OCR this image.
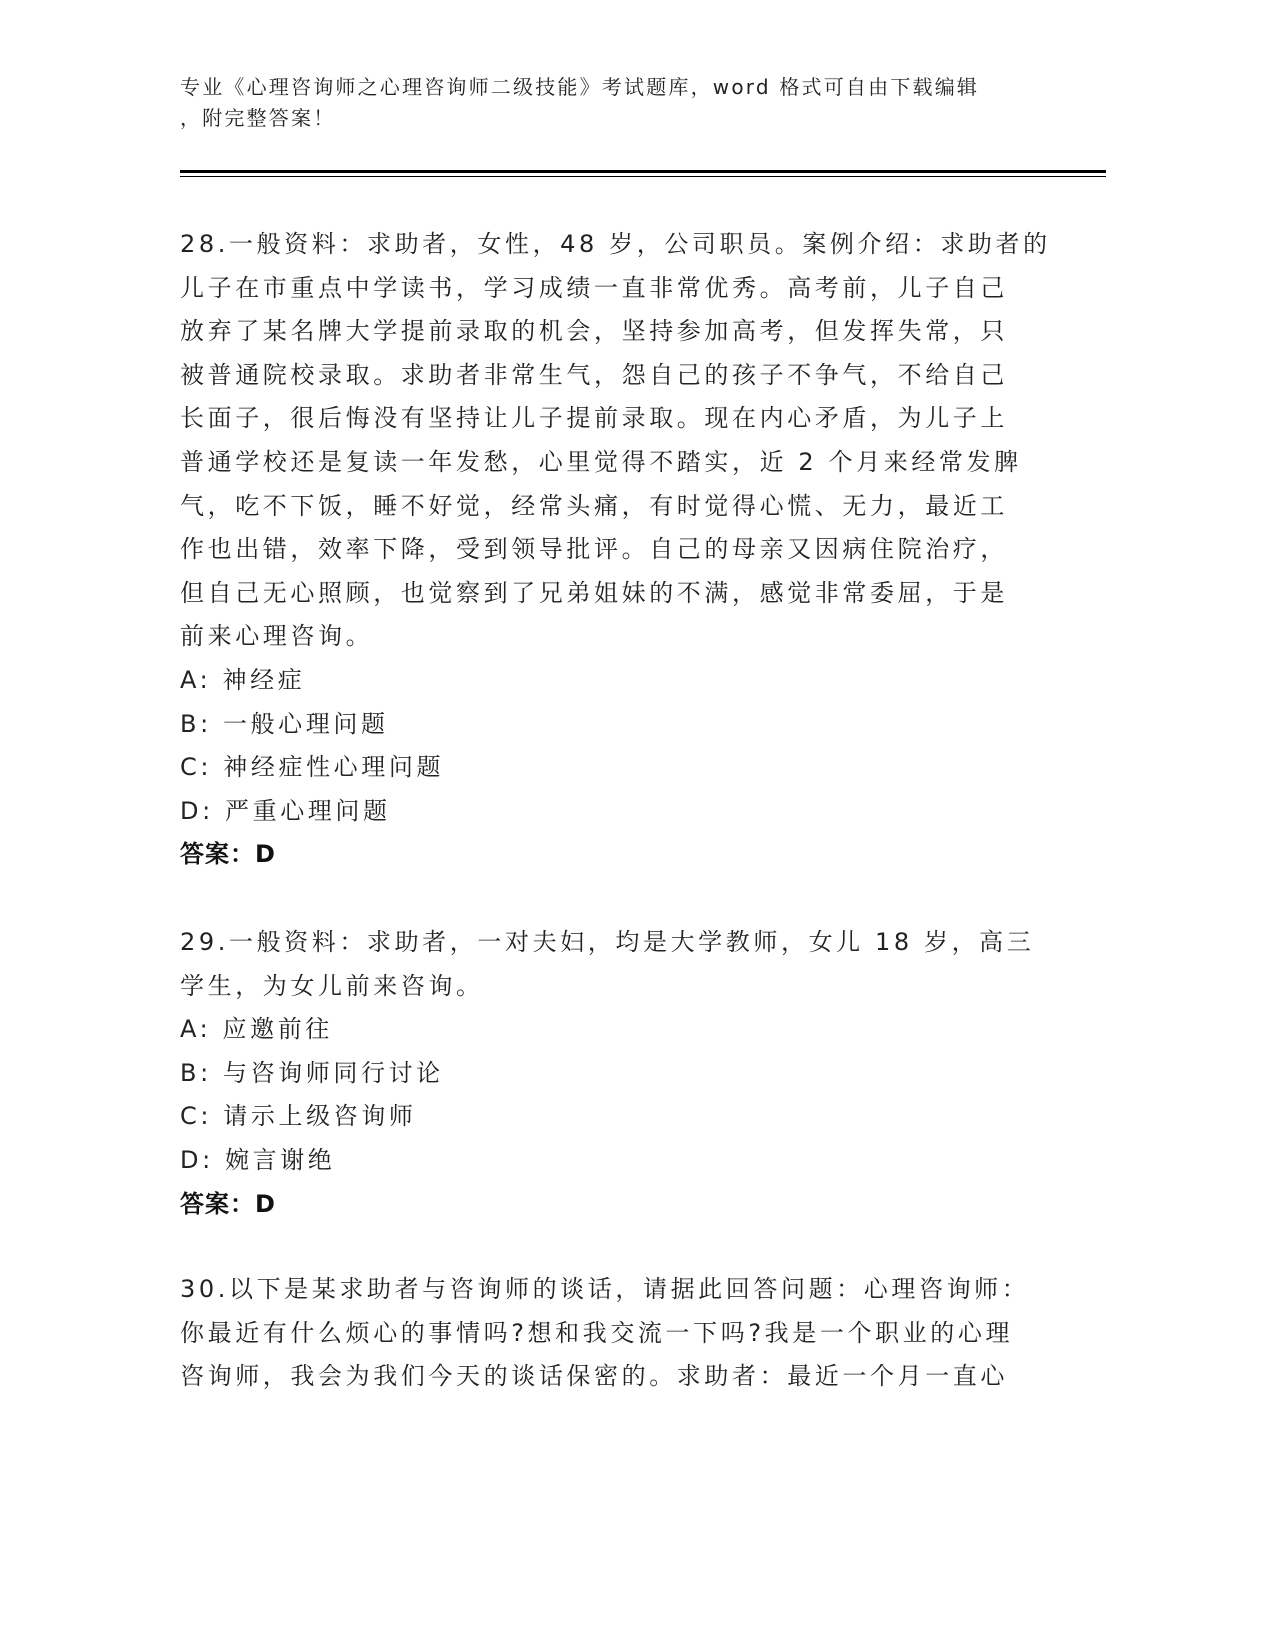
专业《心理咨询师之心理咨询师二级技能》考试题库，word 格式可自由下载编辑
，附完整答案！
28.一般资料：求助者，女性，48 岁，公司职员。案例介绍：求助者的
儿子在市重点中学读书，学习成绩一直非常优秀。高考前，儿子自己
放弃了某名牌大学提前录取的机会，坚持参加高考，但发挥失常，只
被普通院校录取。求助者非常生气，怨自己的孩子不争气，不给自己
长面子，很后悔没有坚持让儿子提前录取。现在内心矛盾，为儿子上
普通学校还是复读一年发愁，心里觉得不踏实，近 2 个月来经常发脾
气，吃不下饭，睡不好觉，经常头痛，有时觉得心慌、无力，最近工
作也出错，效率下降，受到领导批评。自己的母亲又因病住院治疗，
但自己无心照顾，也觉察到了兄弟姐妹的不满，感觉非常委屈，于是
前来心理咨询。
A: 神经症
B: 一般心理问题
C: 神经症性心理问题
D: 严重心理问题
答案：D
29.一般资料：求助者，一对夫妇，均是大学教师，女儿 18 岁，高三
学生，为女儿前来咨询。
A: 应邀前往
B: 与咨询师同行讨论
C: 请示上级咨询师
D: 婉言谢绝
答案：D
30.以下是某求助者与咨询师的谈话，请据此回答问题：心理咨询师：
你最近有什么烦心的事情吗?想和我交流一下吗?我是一个职业的心理
咨询师，我会为我们今天的谈话保密的。求助者：最近一个月一直心
